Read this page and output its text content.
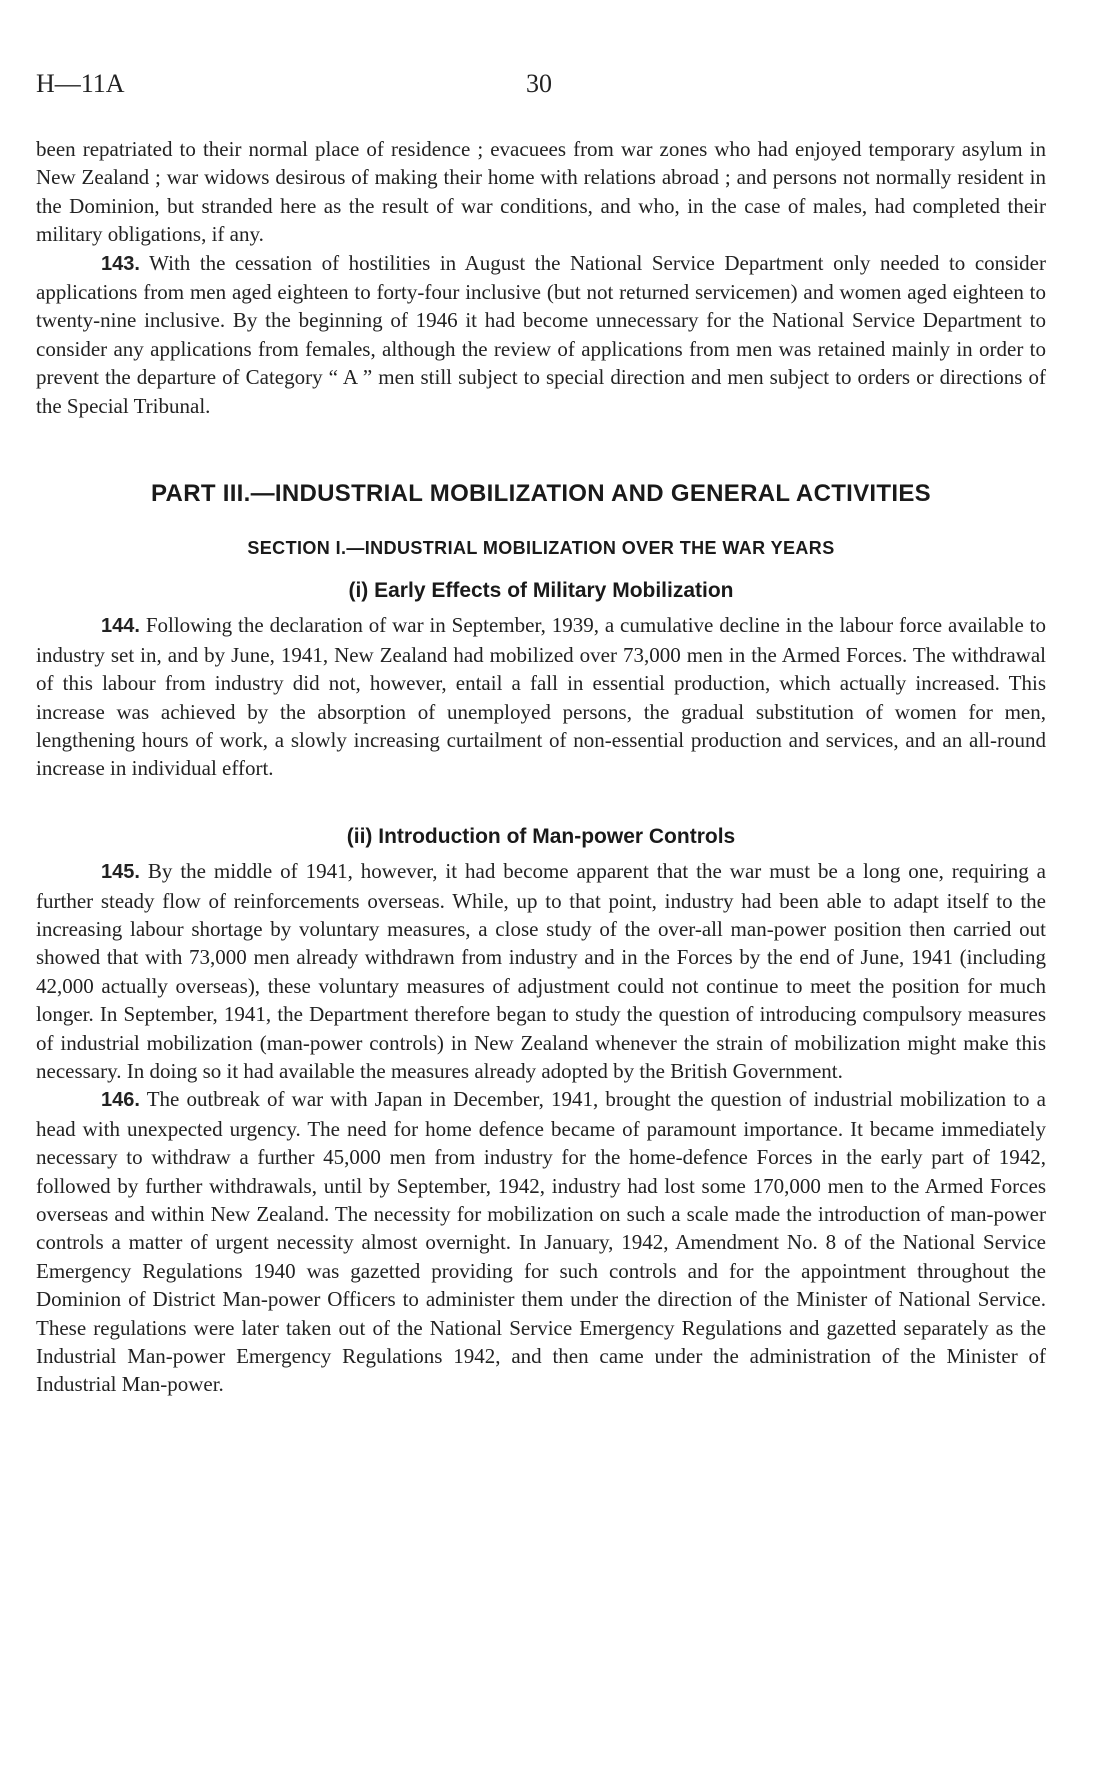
H—11A	30

been repatriated to their normal place of residence ; evacuees from war zones who had enjoyed temporary asylum in New Zealand ; war widows desirous of making their home with relations abroad ; and persons not normally resident in the Dominion, but stranded here as the result of war conditions, and who, in the case of males, had completed their military obligations, if any.

143. With the cessation of hostilities in August the National Service Department only needed to consider applications from men aged eighteen to forty-four inclusive (but not returned servicemen) and women aged eighteen to twenty-nine inclusive. By the beginning of 1946 it had become unnecessary for the National Service Department to consider any applications from females, although the review of applications from men was retained mainly in order to prevent the departure of Category “ A ” men still subject to special direction and men subject to orders or directions of the Special Tribunal.

PART III.—INDUSTRIAL MOBILIZATION AND GENERAL ACTIVITIES
SECTION I.—INDUSTRIAL MOBILIZATION OVER THE WAR YEARS
(i) Early Effects of Military Mobilization

144. Following the declaration of war in September, 1939, a cumulative decline in the labour force available to industry set in, and by June, 1941, New Zealand had mobilized over 73,000 men in the Armed Forces. The withdrawal of this labour from industry did not, however, entail a fall in essential production, which actually increased. This increase was achieved by the absorption of unemployed persons, the gradual substitution of women for men, lengthening hours of work, a slowly increasing curtailment of non-essential production and services, and an all-round increase in individual effort.

(ii) Introduction of Man-power Controls

145. By the middle of 1941, however, it had become apparent that the war must be a long one, requiring a further steady flow of reinforcements overseas. While, up to that point, industry had been able to adapt itself to the increasing labour shortage by voluntary measures, a close study of the over-all man-power position then carried out showed that with 73,000 men already withdrawn from industry and in the Forces by the end of June, 1941 (including 42,000 actually overseas), these voluntary measures of adjustment could not continue to meet the position for much longer. In September, 1941, the Department therefore began to study the question of introducing compulsory measures of industrial mobilization (man-power controls) in New Zealand whenever the strain of mobilization might make this necessary. In doing so it had available the measures already adopted by the British Government.

146. The outbreak of war with Japan in December, 1941, brought the question of industrial mobilization to a head with unexpected urgency. The need for home defence became of paramount importance. It became immediately necessary to withdraw a further 45,000 men from industry for the home-defence Forces in the early part of 1942, followed by further withdrawals, until by September, 1942, industry had lost some 170,000 men to the Armed Forces overseas and within New Zealand. The necessity for mobilization on such a scale made the introduction of man-power controls a matter of urgent necessity almost overnight. In January, 1942, Amendment No. 8 of the National Service Emergency Regulations 1940 was gazetted providing for such controls and for the appointment throughout the Dominion of District Man-power Officers to administer them under the direction of the Minister of National Service. These regulations were later taken out of the National Service Emergency Regulations and gazetted separately as the Industrial Man-power Emergency Regulations 1942, and then came under the administration of the Minister of Industrial Man-power.
